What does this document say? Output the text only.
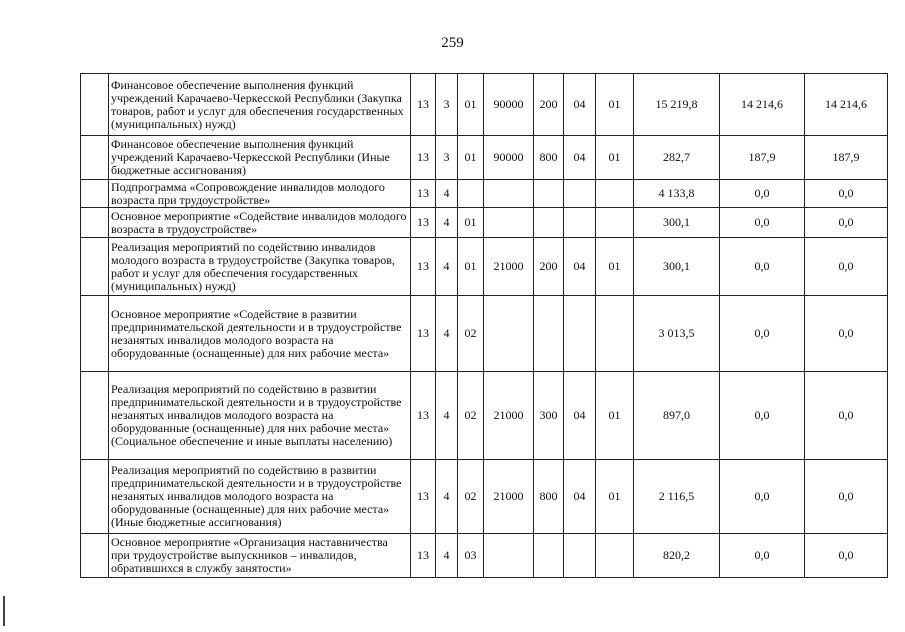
259
	Финансовое обеспечение выполнения функций учреждений Карачаево-Черкесской Республики (Закупка товаров, работ и услуг для обеспечения государственных (муниципальных) нужд)	13	3	01	90000	200	04	01	15 219,8	14 214,6	14 214,6
	Финансовое обеспечение выполнения функций учреждений Карачаево-Черкесской Республики (Иные бюджетные ассигнования)	13	3	01	90000	800	04	01	282,7	187,9	187,9
	Подпрограмма «Сопровождение инвалидов молодого возраста при трудоустройстве»	13	4						4 133,8	0,0	0,0
	Основное мероприятие «Содействие инвалидов молодого возраста в трудоустройстве»	13	4	01					300,1	0,0	0,0
	Реализация мероприятий по содействию инвалидов молодого возраста в трудоустройстве (Закупка товаров, работ и услуг для обеспечения государственных (муниципальных) нужд)	13	4	01	21000	200	04	01	300,1	0,0	0,0
	Основное мероприятие «Содействие в развитии предпринимательской деятельности и в трудоустройстве незанятых инвалидов молодого возраста на оборудованные (оснащенные) для них рабочие места»	13	4	02					3 013,5	0,0	0,0
	Реализация мероприятий по содействию в развитии предпринимательской деятельности и в трудоустройстве незанятых инвалидов молодого возраста на оборудованные (оснащенные) для них рабочие места» (Социальное обеспечение и иные выплаты населению)	13	4	02	21000	300	04	01	897,0	0,0	0,0
	Реализация мероприятий по содействию в развитии предпринимательской деятельности и в трудоустройстве незанятых инвалидов молодого возраста на оборудованные (оснащенные) для них рабочие места» (Иные бюджетные ассигнования)	13	4	02	21000	800	04	01	2 116,5	0,0	0,0
	Основное мероприятие «Организация наставничества при трудоустройстве выпускников – инвалидов, обратившихся в службу занятости»	13	4	03					820,2	0,0	0,0
